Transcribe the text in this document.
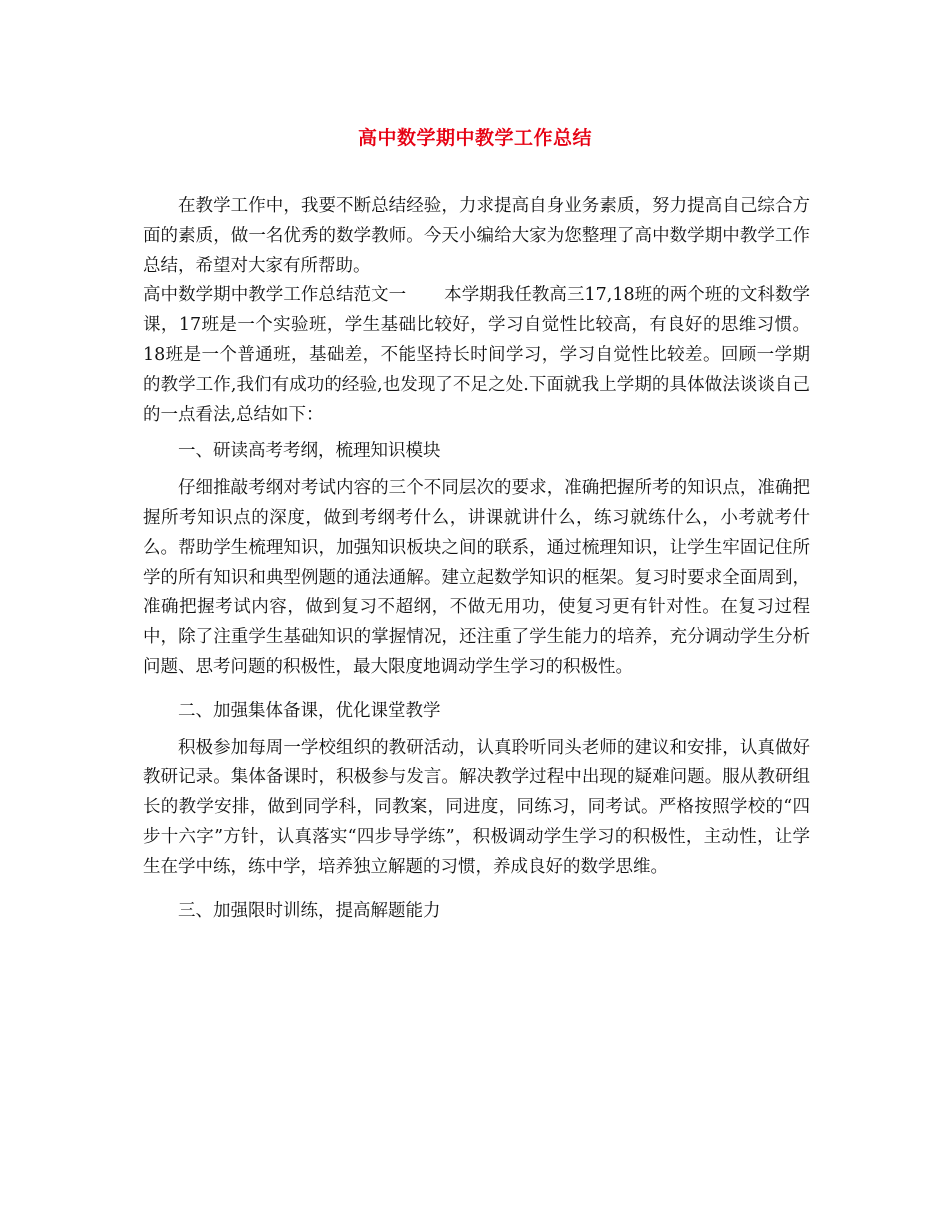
高中数学期中教学工作总结

在教学工作中，我要不断总结经验，力求提高自身业务素质，努力提高自己综合方面的素质，做一名优秀的数学教师。今天小编给大家为您整理了高中数学期中教学工作总结，希望对大家有所帮助。

高中数学期中教学工作总结范文一 本学期我任教高三17,18班的两个班的文科数学课，17班是一个实验班，学生基础比较好，学习自觉性比较高，有良好的思维习惯。18班是一个普通班，基础差，不能坚持长时间学习，学习自觉性比较差。回顾一学期的教学工作,我们有成功的经验,也发现了不足之处.下面就我上学期的具体做法谈谈自己的一点看法,总结如下：

一、研读高考考纲，梳理知识模块

仔细推敲考纲对考试内容的三个不同层次的要求，准确把握所考的知识点，准确把握所考知识点的深度，做到考纲考什么，讲课就讲什么，练习就练什么，小考就考什么。帮助学生梳理知识，加强知识板块之间的联系，通过梳理知识，让学生牢固记住所学的所有知识和典型例题的通法通解。建立起数学知识的框架。复习时要求全面周到，准确把握考试内容，做到复习不超纲，不做无用功，使复习更有针对性。在复习过程中，除了注重学生基础知识的掌握情况，还注重了学生能力的培养，充分调动学生分析问题、思考问题的积极性，最大限度地调动学生学习的积极性。

二、加强集体备课，优化课堂教学

积极参加每周一学校组织的教研活动，认真聆听同头老师的建议和安排，认真做好教研记录。集体备课时，积极参与发言。解决教学过程中出现的疑难问题。服从教研组长的教学安排，做到同学科，同教案，同进度，同练习，同考试。严格按照学校的“四步十六字”方针，认真落实“四步导学练”，积极调动学生学习的积极性，主动性，让学生在学中练，练中学，培养独立解题的习惯，养成良好的数学思维。

三、加强限时训练，提高解题能力
